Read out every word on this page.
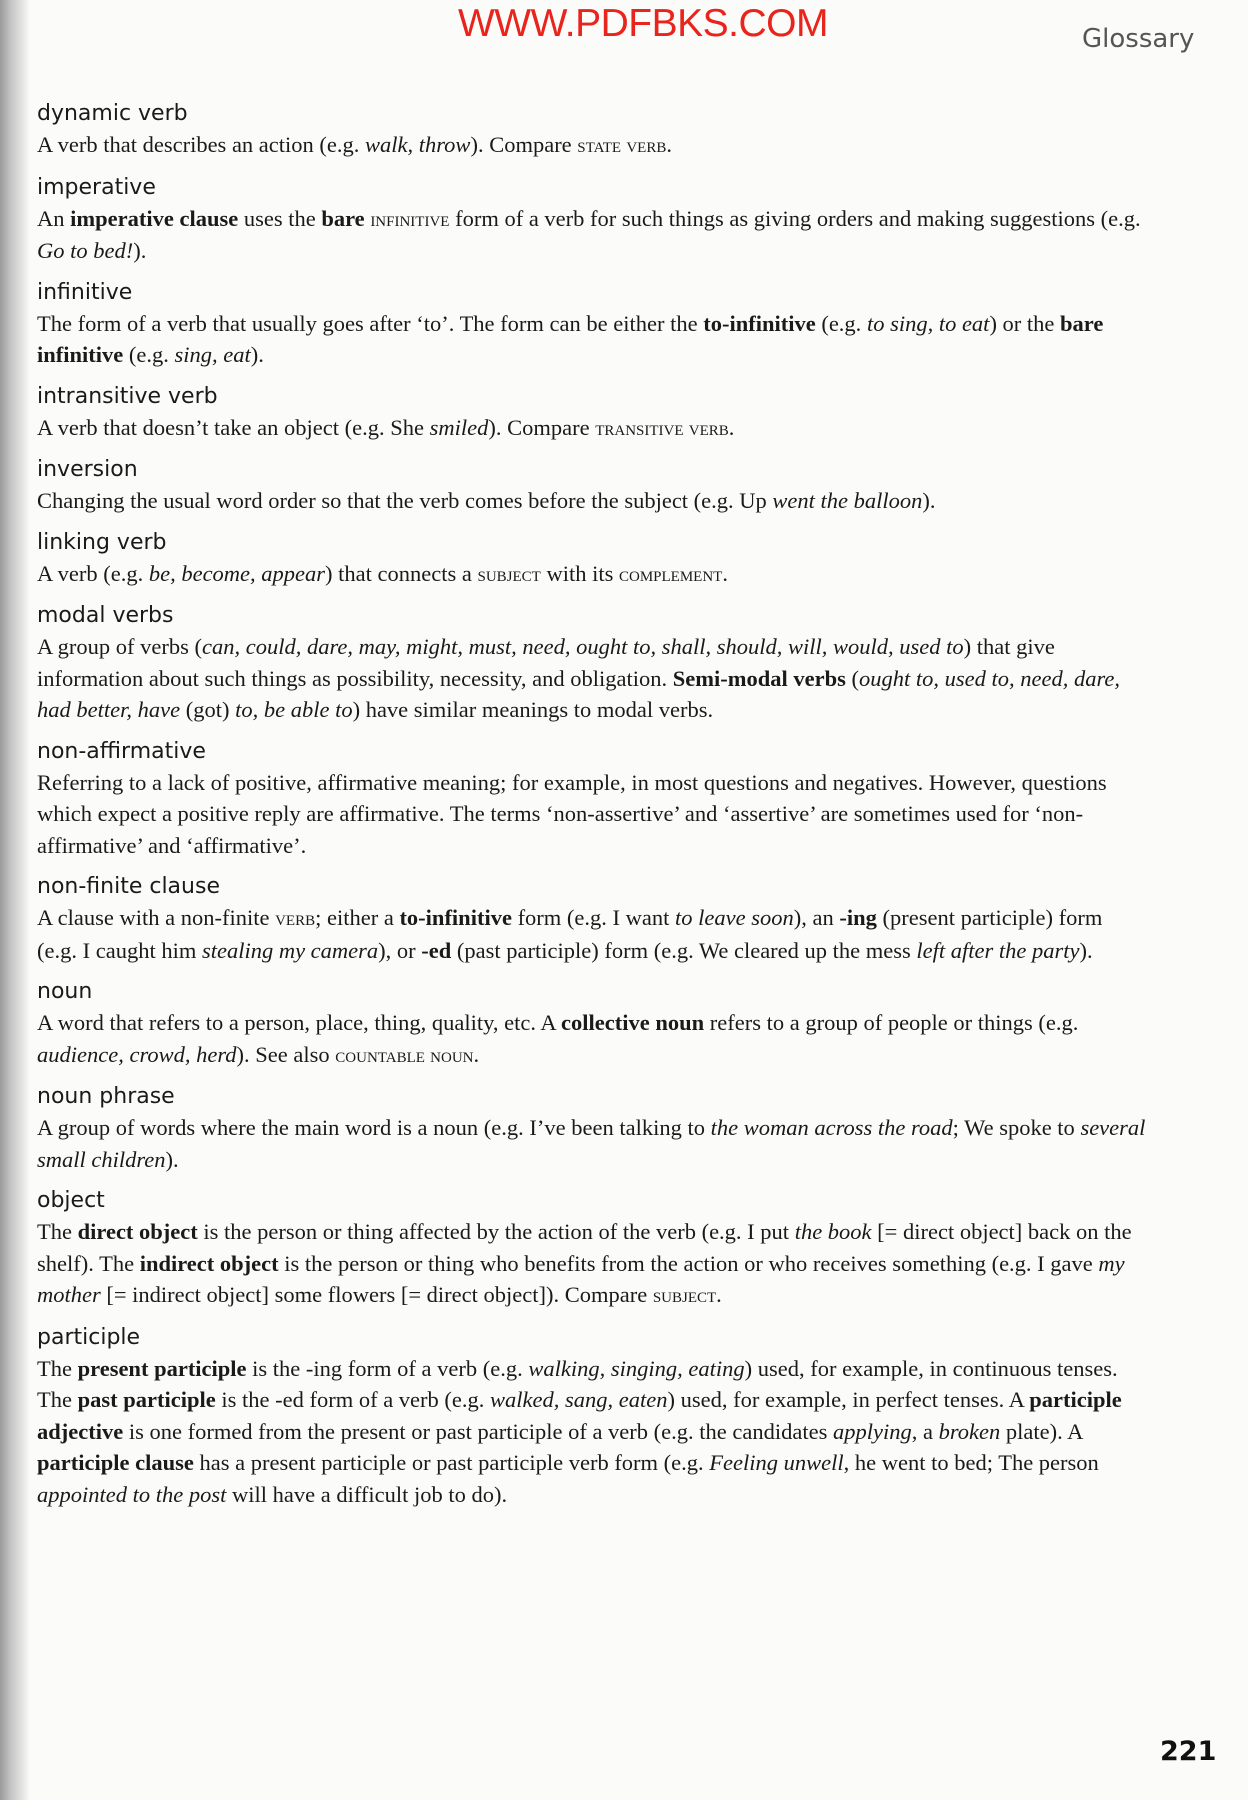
WWW.PDFBKS.COM	Glossary

dynamic verb

A verb that describes an action (e.g. walk, throw). Compare state verb.

imperative

An imperative clause uses the bare infinitive form of a verb for such things as giving orders and making suggestions (e.g. Go to bed!).

infinitive

The form of a verb that usually goes after ‘to’. The form can be either the to-infinitive (e.g. to sing, to eat) or the bare infinitive (e.g. sing, eat).

intransitive verb

A verb that doesn’t take an object (e.g. She smiled). Compare transitive verb.

inversion

Changing the usual word order so that the verb comes before the subject (e.g. Up went the balloon).

linking verb

A verb (e.g. be, become, appear) that connects a subject with its complement.

modal verbs

A group of verbs (can, could, dare, may, might, must, need, ought to, shall, should, will, would, used to) that give information about such things as possibility, necessity, and obligation. Semi-modal verbs (ought to, used to, need, dare, had better, have (got) to, be able to) have similar meanings to modal verbs.

non-affirmative

Referring to a lack of positive, affirmative meaning; for example, in most questions and negatives. However, questions which expect a positive reply are affirmative. The terms ‘non-assertive’ and ‘assertive’ are sometimes used for ‘non-affirmative’ and ‘affirmative’.

non-finite clause

A clause with a non-finite verb; either a to-infinitive form (e.g. I want to leave soon), an -ing (present participle) form (e.g. I caught him stealing my camera), or -ed (past participle) form (e.g. We cleared up the mess left after the party).

noun

A word that refers to a person, place, thing, quality, etc. A collective noun refers to a group of people or things (e.g. audience, crowd, herd). See also countable noun.

noun phrase

A group of words where the main word is a noun (e.g. I’ve been talking to the woman across the road; We spoke to several small children).

object

The direct object is the person or thing affected by the action of the verb (e.g. I put the book [= direct object] back on the shelf). The indirect object is the person or thing who benefits from the action or who receives something (e.g. I gave my mother [= indirect object] some flowers [= direct object]). Compare subject.

participle

The present participle is the -ing form of a verb (e.g. walking, singing, eating) used, for example, in continuous tenses. The past participle is the -ed form of a verb (e.g. walked, sang, eaten) used, for example, in perfect tenses. A participle adjective is one formed from the present or past participle of a verb (e.g. the candidates applying, a broken plate). A participle clause has a present participle or past participle verb form (e.g. Feeling unwell, he went to bed; The person appointed to the post will have a difficult job to do).

221
